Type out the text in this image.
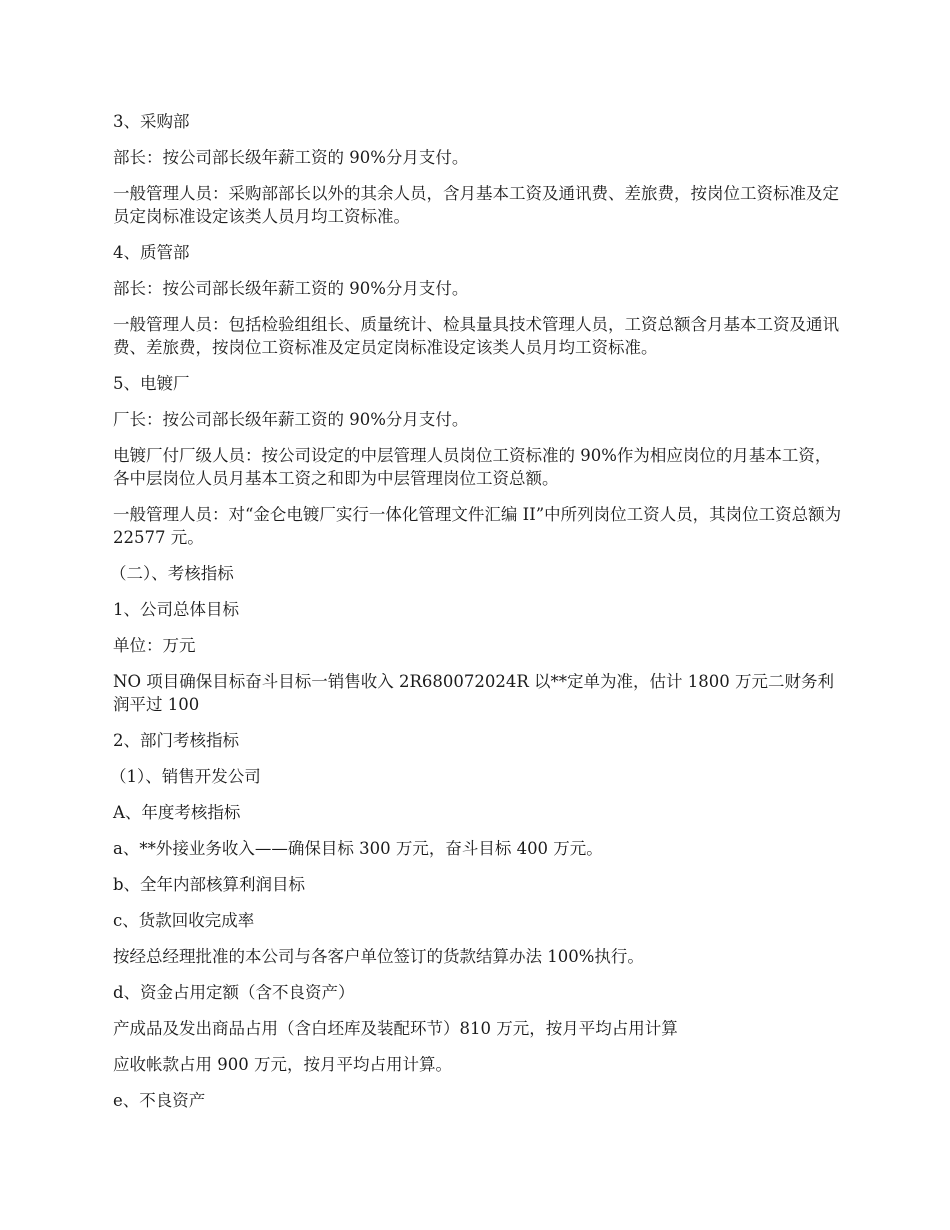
3、采购部

部长：按公司部长级年薪工资的 90%分月支付。

一般管理人员：采购部部长以外的其余人员，含月基本工资及通讯费、差旅费，按岗位工资标准及定员定岗标准设定该类人员月均工资标准。

4、质管部

部长：按公司部长级年薪工资的 90%分月支付。

一般管理人员：包括检验组组长、质量统计、检具量具技术管理人员，工资总额含月基本工资及通讯费、差旅费，按岗位工资标准及定员定岗标准设定该类人员月均工资标准。

5、电镀厂

厂长：按公司部长级年薪工资的 90%分月支付。

电镀厂付厂级人员：按公司设定的中层管理人员岗位工资标准的 90%作为相应岗位的月基本工资，各中层岗位人员月基本工资之和即为中层管理岗位工资总额。

一般管理人员：对“金仑电镀厂实行一体化管理文件汇编 II”中所列岗位工资人员，其岗位工资总额为 22577 元。

（二）、考核指标

1、公司总体目标

单位：万元

NO 项目确保目标奋斗目标一销售收入 2R680072024R 以**定单为准，估计 1800 万元二财务利润平过 100

2、部门考核指标

（1）、销售开发公司

A、年度考核指标

a、**外接业务收入——确保目标 300 万元，奋斗目标 400 万元。

b、全年内部核算利润目标

c、货款回收完成率

按经总经理批准的本公司与各客户单位签订的货款结算办法 100%执行。

d、资金占用定额（含不良资产）

产成品及发出商品占用（含白坯库及装配环节）810 万元，按月平均占用计算

应收帐款占用 900 万元，按月平均占用计算。

e、不良资产
